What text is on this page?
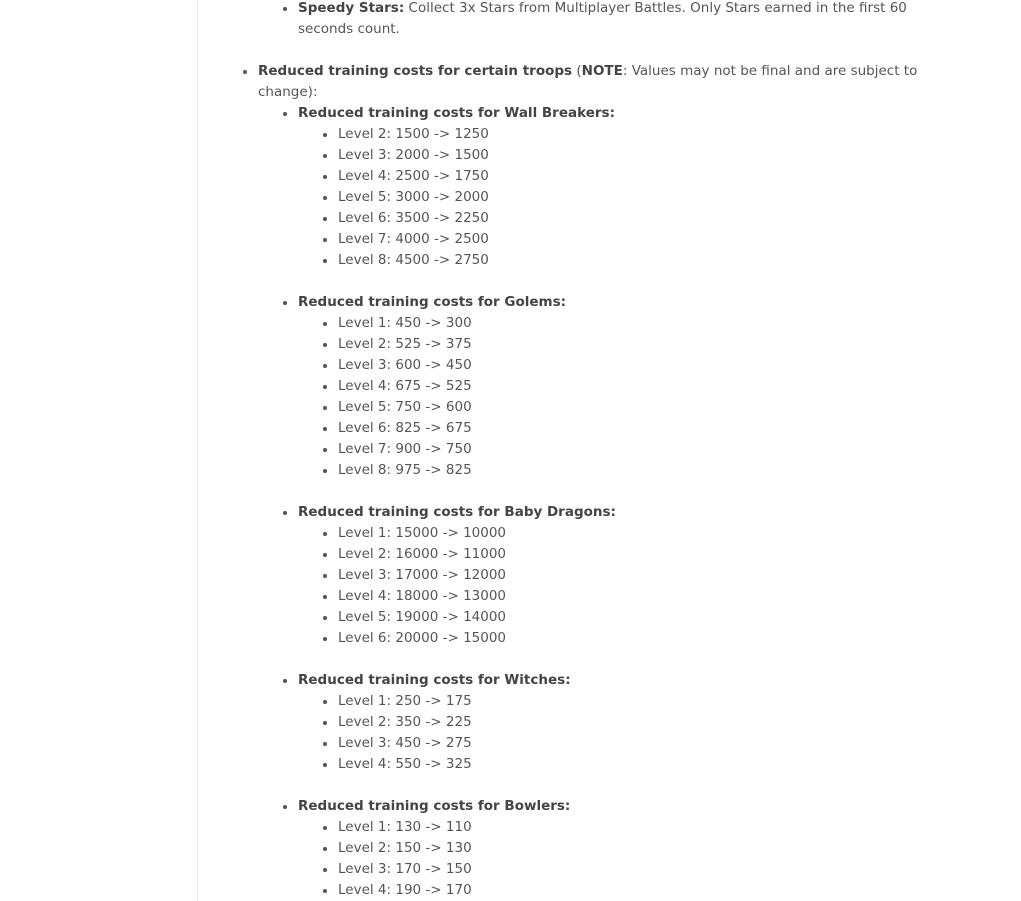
Speedy Stars: Collect 3x Stars from Multiplayer Battles. Only Stars earned in the first 60 seconds count.
Reduced training costs for certain troops (NOTE: Values may not be final and are subject to change):
Reduced training costs for Wall Breakers:
Level 2: 1500 -> 1250
Level 3: 2000 -> 1500
Level 4: 2500 -> 1750
Level 5: 3000 -> 2000
Level 6: 3500 -> 2250
Level 7: 4000 -> 2500
Level 8: 4500 -> 2750
Reduced training costs for Golems:
Level 1: 450 -> 300
Level 2: 525 -> 375
Level 3: 600 -> 450
Level 4: 675 -> 525
Level 5: 750 -> 600
Level 6: 825 -> 675
Level 7: 900 -> 750
Level 8: 975 -> 825
Reduced training costs for Baby Dragons:
Level 1: 15000 -> 10000
Level 2: 16000 -> 11000
Level 3: 17000 -> 12000
Level 4: 18000 -> 13000
Level 5: 19000 -> 14000
Level 6: 20000 -> 15000
Reduced training costs for Witches:
Level 1: 250 -> 175
Level 2: 350 -> 225
Level 3: 450 -> 275
Level 4: 550 -> 325
Reduced training costs for Bowlers:
Level 1: 130 -> 110
Level 2: 150 -> 130
Level 3: 170 -> 150
Level 4: 190 -> 170
